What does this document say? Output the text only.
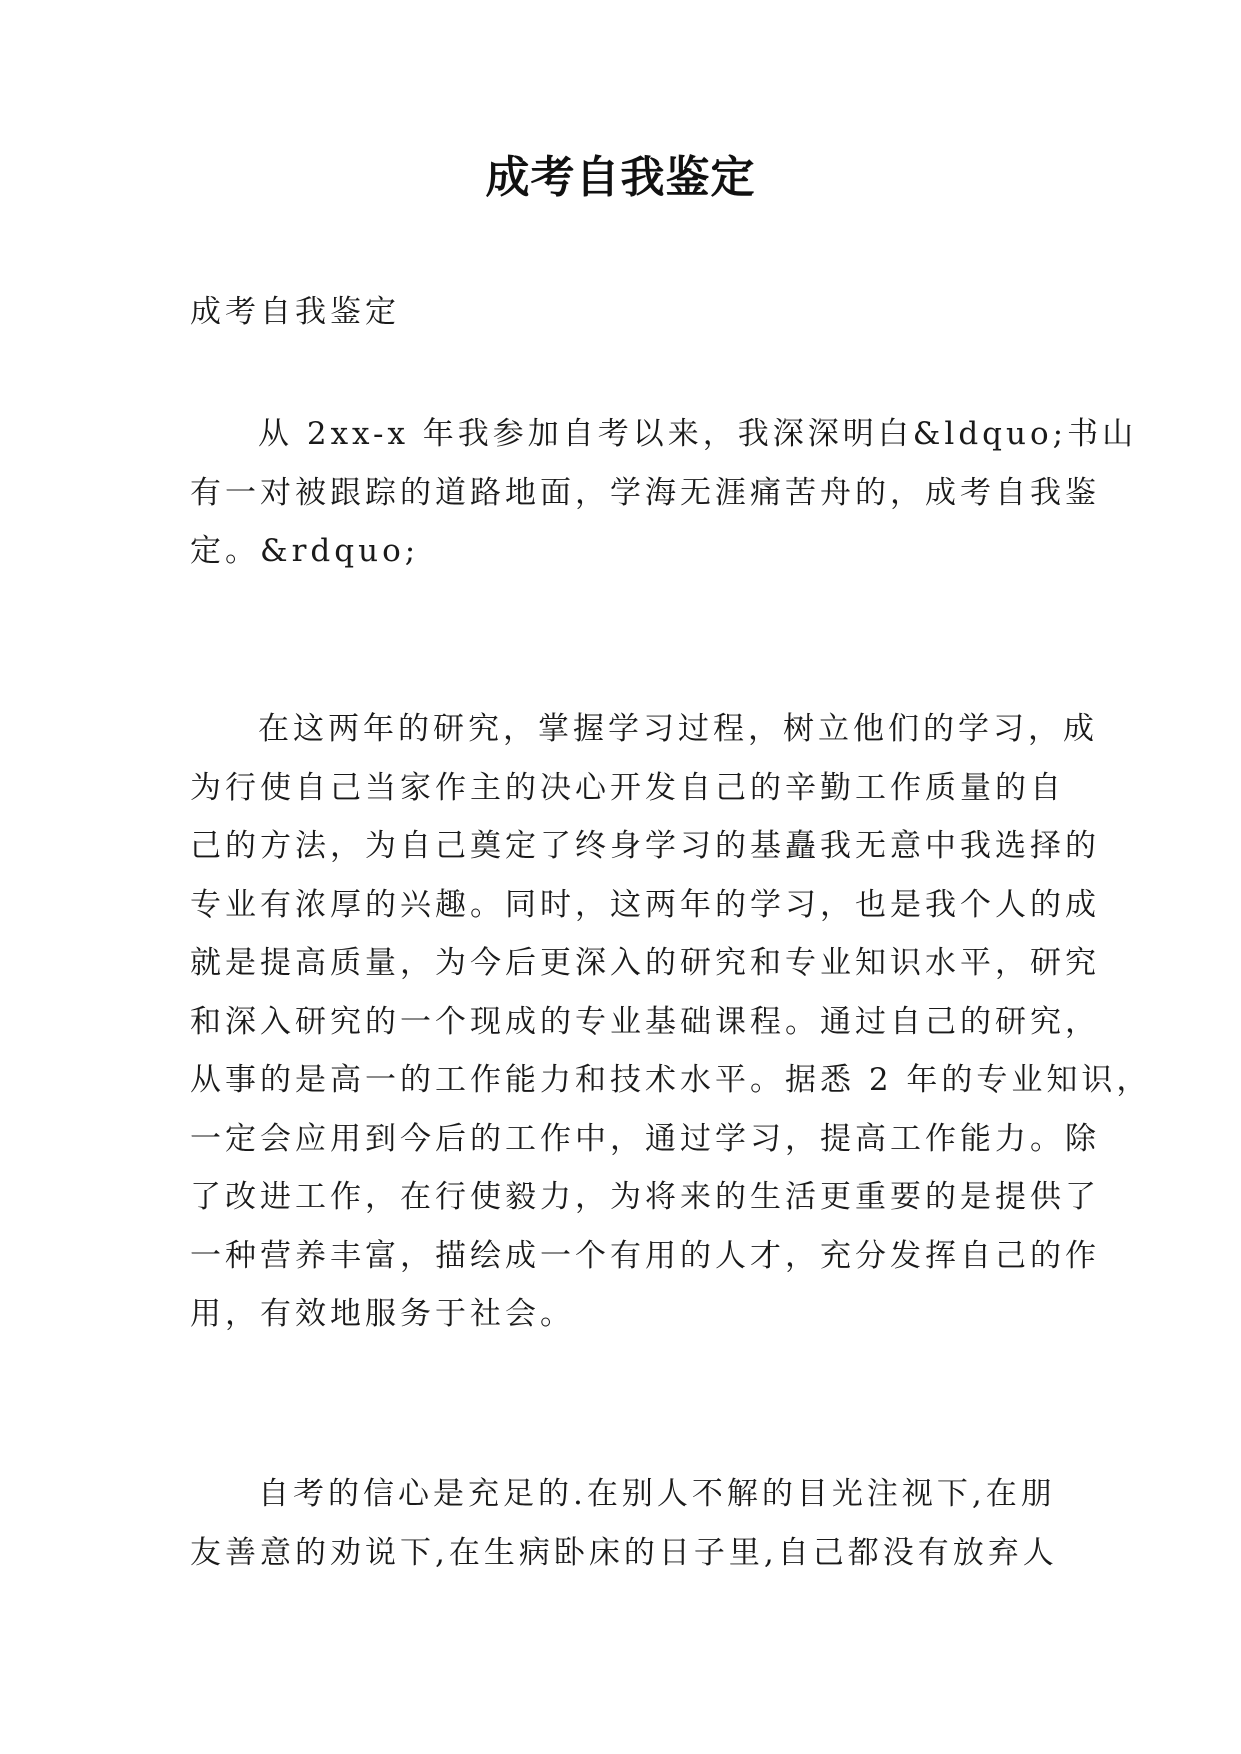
成考自我鉴定

成考自我鉴定

从 2xx-x 年我参加自考以来，我深深明白&ldquo;书山
有一对被跟踪的道路地面，学海无涯痛苦舟的，成考自我鉴
定。&rdquo;
在这两年的研究，掌握学习过程，树立他们的学习，成
为行使自己当家作主的决心开发自己的辛勤工作质量的自
己的方法，为自己奠定了终身学习的基矗我无意中我选择的
专业有浓厚的兴趣。同时，这两年的学习，也是我个人的成
就是提高质量，为今后更深入的研究和专业知识水平，研究
和深入研究的一个现成的专业基础课程。通过自己的研究，
从事的是高一的工作能力和技术水平。据悉 2 年的专业知识，
一定会应用到今后的工作中，通过学习，提高工作能力。除
了改进工作，在行使毅力，为将来的生活更重要的是提供了
一种营养丰富，描绘成一个有用的人才，充分发挥自己的作
用，有效地服务于社会。
自考的信心是充足的.在别人不解的目光注视下,在朋
友善意的劝说下,在生病卧床的日子里,自己都没有放弃人
